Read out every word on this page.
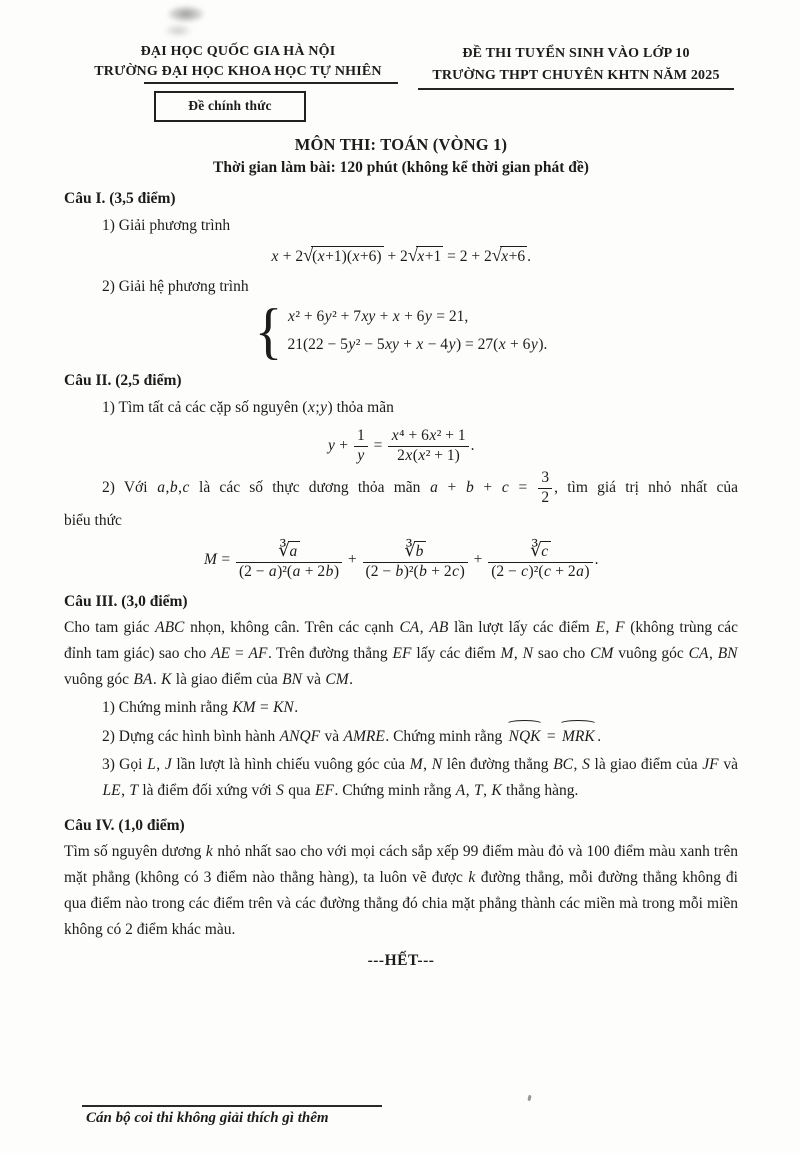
ĐẠI HỌC QUỐC GIA HÀ NỘI
TRƯỜNG ĐẠI HỌC KHOA HỌC TỰ NHIÊN
Đề chính thức
ĐỀ THI TUYỂN SINH VÀO LỚP 10
TRƯỜNG THPT CHUYÊN KHTN NĂM 2025
MÔN THI: TOÁN (VÒNG 1)
Thời gian làm bài: 120 phút (không kể thời gian phát đề)
Câu I. (3,5 điểm)
1) Giải phương trình
x + 2√(x+1)(x+6) + 2√x+1 = 2 + 2√x+6 .
2) Giải hệ phương trình
{ x² + 6y² + 7xy + x + 6y = 21,
21(22 − 5y² − 5xy + x − 4y) = 27(x + 6y).
Câu II. (2,5 điểm)
1) Tìm tất cả các cặp số nguyên (x;y) thỏa mãn
$y + \frac{1}{y} = \frac{\text{x⁴ + 6x² + 1}}{\text{2x(x² + 1)}}$ .
2) Với a,b,c là các số thực dương thỏa mãn $a + b + c = \frac{3}{2}$ , tìm giá trị nhỏ nhất của
biểu thức
$M = \frac{∛a}{\text{(2 − a)²(a + 2b)}} + \frac{∛b}{\text{(2 − b)²(b + 2c)}} + \frac{∛c}{\text{(2 − c)²(c + 2a)}}$ .
Câu III. (3,0 điểm)
Cho tam giác ABC nhọn, không cân. Trên các cạnh CA, AB lần lượt lấy các điểm E, F (không trùng các đỉnh tam giác) sao cho AE = AF. Trên đường thẳng EF lấy các điểm M, N sao cho CM vuông góc CA, BN vuông góc BA. K là giao điểm của BN và CM.
1) Chứng minh rằng KM = KN.
2) Dựng các hình bình hành ANQF và AMRE. Chứng minh rằng NQK = MRK .
3) Gọi L, J lần lượt là hình chiếu vuông góc của M, N lên đường thẳng BC, S là giao điểm của JF và LE, T là điểm đối xứng với S qua EF. Chứng minh rằng A, T, K thẳng hàng.
Câu IV. (1,0 điểm)
Tìm số nguyên dương k nhỏ nhất sao cho với mọi cách sắp xếp 99 điểm màu đỏ và 100 điểm màu xanh trên mặt phẳng (không có 3 điểm nào thẳng hàng), ta luôn vẽ được k đường thẳng, mỗi đường thẳng không đi qua điểm nào trong các điểm trên và các đường thẳng đó chia mặt phẳng thành các miền mà trong mỗi miền không có 2 điểm khác màu.
---HẾT---
Cán bộ coi thi không giải thích gì thêm
